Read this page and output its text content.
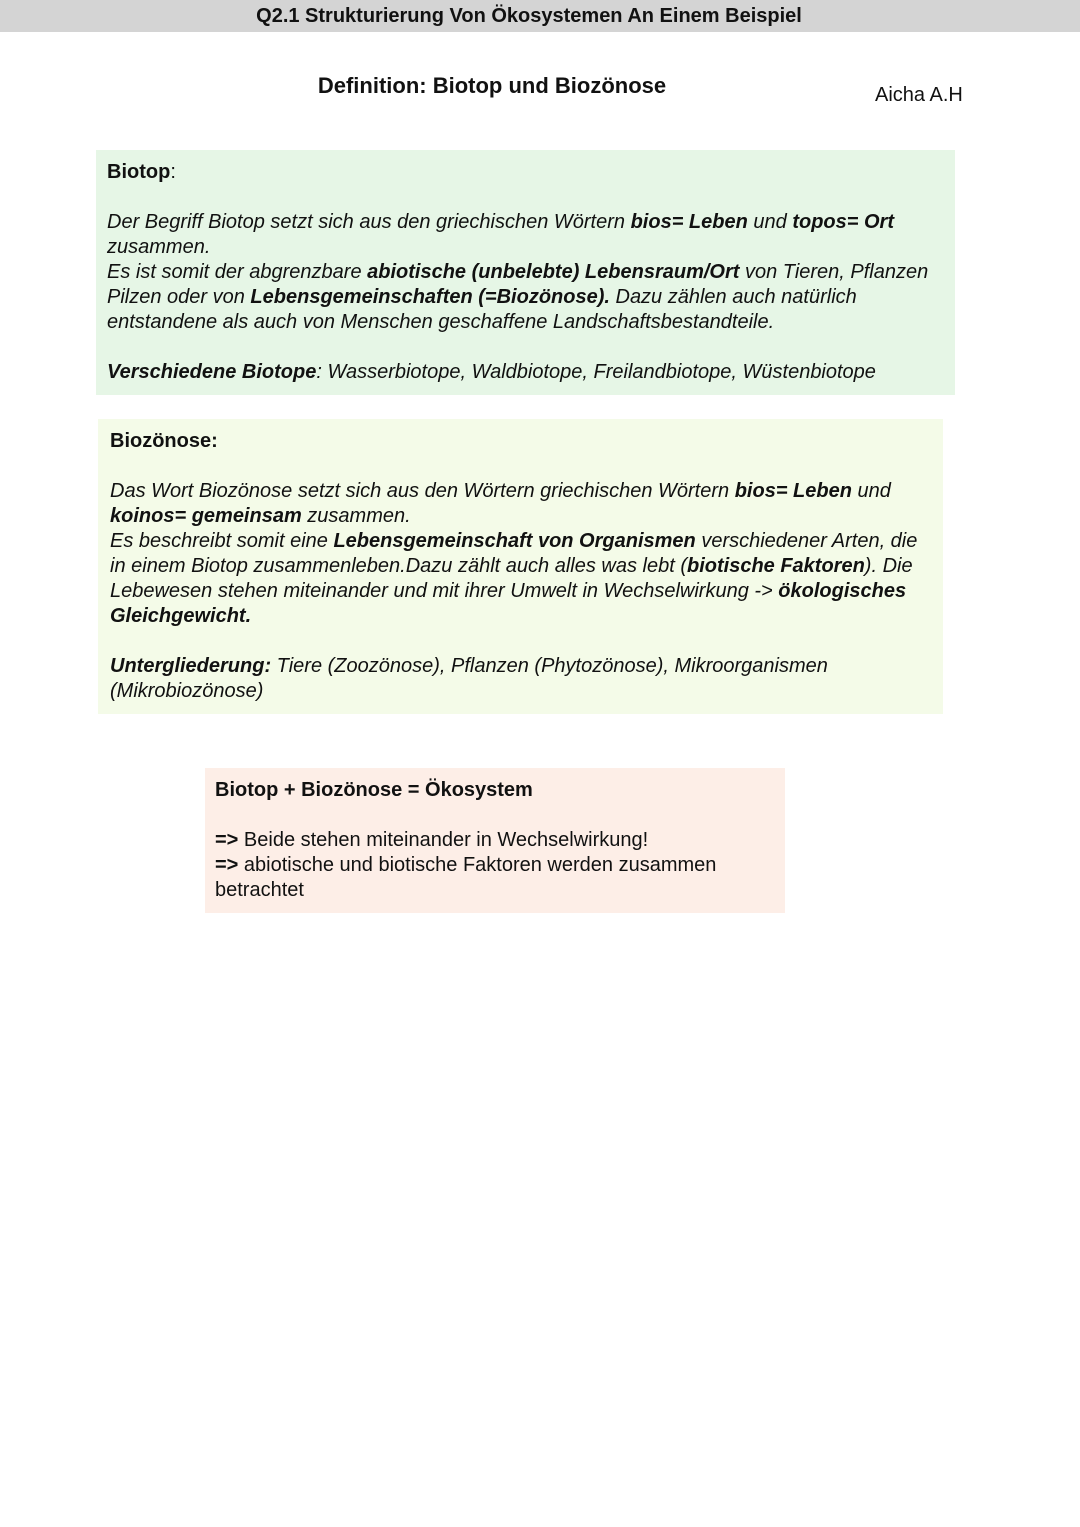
Q2.1 Strukturierung Von Ökosystemen An Einem Beispiel
Definition: Biotop und Biozönose	Aicha A.H

Biotop:

Der Begriff Biotop setzt sich aus den griechischen Wörtern bios= Leben und topos= Ort zusammen.

Es ist somit der abgrenzbare abiotische (unbelebte) Lebensraum/Ort von Tieren, Pflanzen Pilzen oder von Lebensgemeinschaften (=Biozönose). Dazu zählen auch natürlich entstandene als auch von Menschen geschaffene Landschaftsbestandteile.

Verschiedene Biotope: Wasserbiotope, Waldbiotope, Freilandbiotope, Wüstenbiotope

Biozönose:

Das Wort Biozönose setzt sich aus den Wörtern griechischen Wörtern bios= Leben und koinos= gemeinsam zusammen.

Es beschreibt somit eine Lebensgemeinschaft von Organismen verschiedener Arten, die in einem Biotop zusammenleben.Dazu zählt auch alles was lebt (biotische Faktoren). Die Lebewesen stehen miteinander und mit ihrer Umwelt in Wechselwirkung -> ökologisches Gleichgewicht.

Untergliederung: Tiere (Zoozönose), Pflanzen (Phytozönose), Mikroorganismen (Mikrobiozönose)

Biotop + Biozönose = Ökosystem

=> Beide stehen miteinander in Wechselwirkung!

=> abiotische und biotische Faktoren werden zusammen betrachtet
